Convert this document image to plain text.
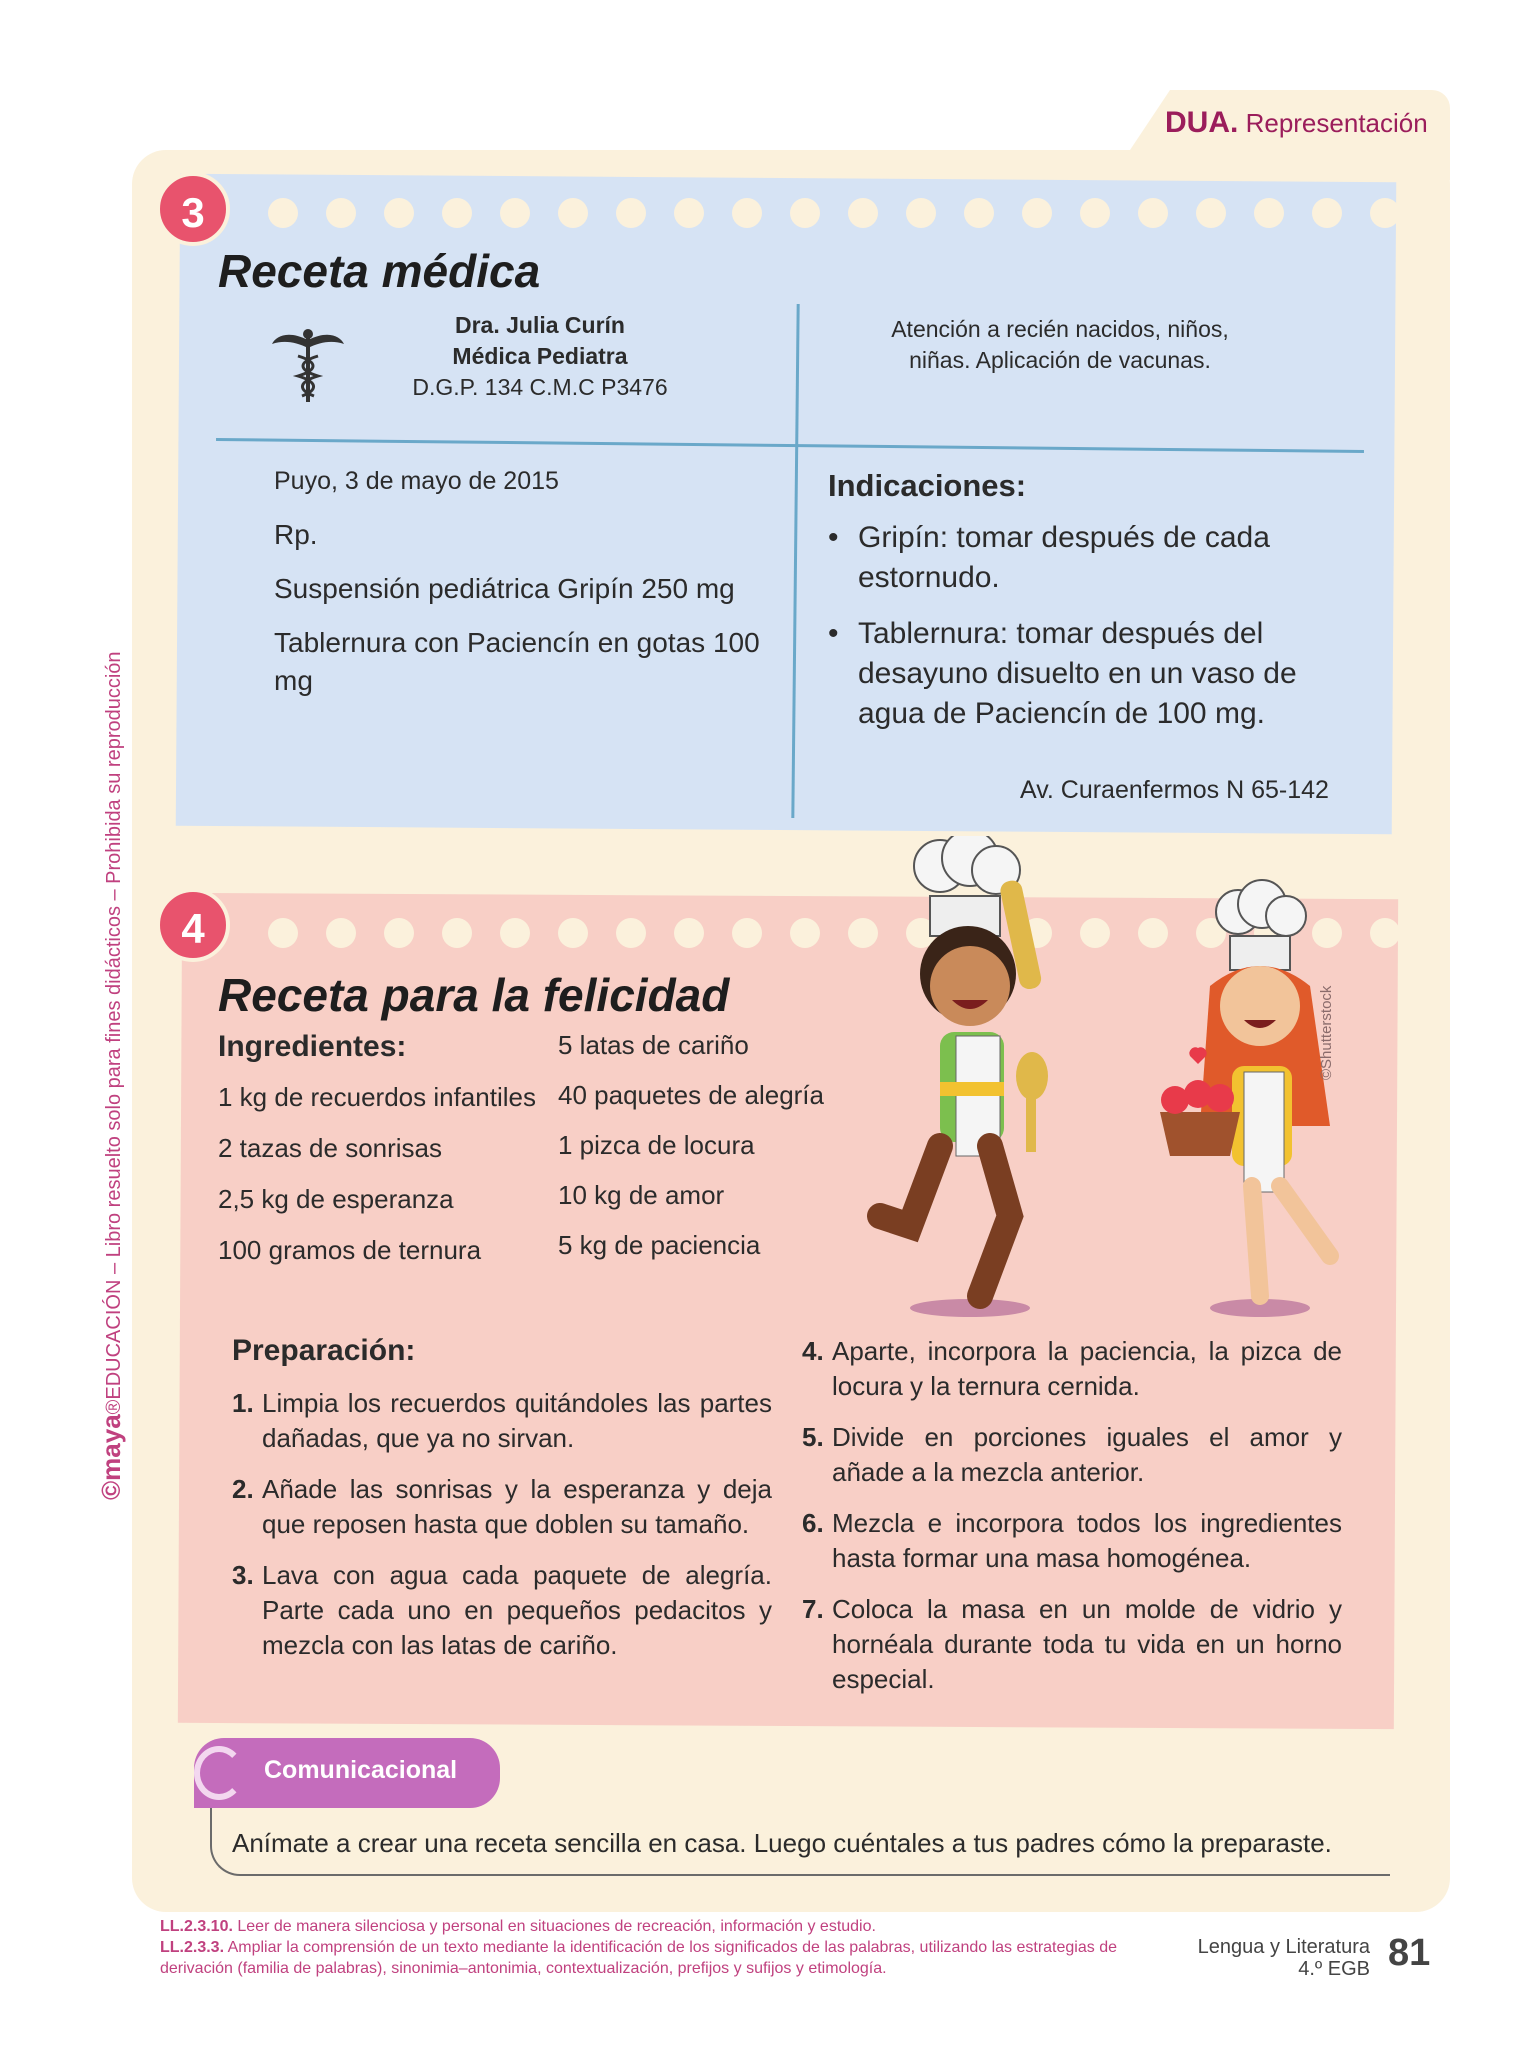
©maya®EDUCACIÓN – Libro resuelto solo para fines didácticos – Prohibida su reproducción
DUA. Representación
3
Receta médica
Dra. Julia Curín
Médica Pediatra
D.G.P. 134 C.M.C P3476
Atención a recién nacidos, niños, niñas. Aplicación de vacunas.

Puyo, 3 de mayo de 2015

Rp.

Suspensión pediátrica Gripín 250 mg

Tablernura con Paciencín en gotas 100 mg

Indicaciones:
• Gripín: tomar después de cada estornudo.
• Tablernura: tomar después del desayuno disuelto en un vaso de agua de Paciencín de 100 mg.
Av. Curaenfermos N 65-142
4
Receta para la felicidad
Ingredientes:
1 kg de recuerdos infantiles
2 tazas de sonrisas
2,5 kg de esperanza
100 gramos de ternura
5 latas de cariño
40 paquetes de alegría
1 pizca de locura
10 kg de amor
5 kg de paciencia
©Shutterstock
Preparación:
1. Limpia los recuerdos quitándoles las partes dañadas, que ya no sirvan.
2. Añade las sonrisas y la esperanza y deja que reposen hasta que doblen su tamaño.
3. Lava con agua cada paquete de alegría. Parte cada uno en pequeños pedacitos y mezcla con las latas de cariño.
4. Aparte, incorpora la paciencia, la pizca de locura y la ternura cernida.
5. Divide en porciones iguales el amor y añade a la mezcla anterior.
6. Mezcla e incorpora todos los ingredientes hasta formar una masa homogénea.
7. Coloca la masa en un molde de vidrio y hornéala durante toda tu vida en un horno especial.
Comunicacional
Anímate a crear una receta sencilla en casa. Luego cuéntales a tus padres cómo la preparaste.
LL.2.3.10. Leer de manera silenciosa y personal en situaciones de recreación, información y estudio.
LL.2.3.3. Ampliar la comprensión de un texto mediante la identificación de los significados de las palabras, utilizando las estrategias de derivación (familia de palabras), sinonimia–antonimia, contextualización, prefijos y sufijos y etimología.
Lengua y Literatura
4.º EGB 81
